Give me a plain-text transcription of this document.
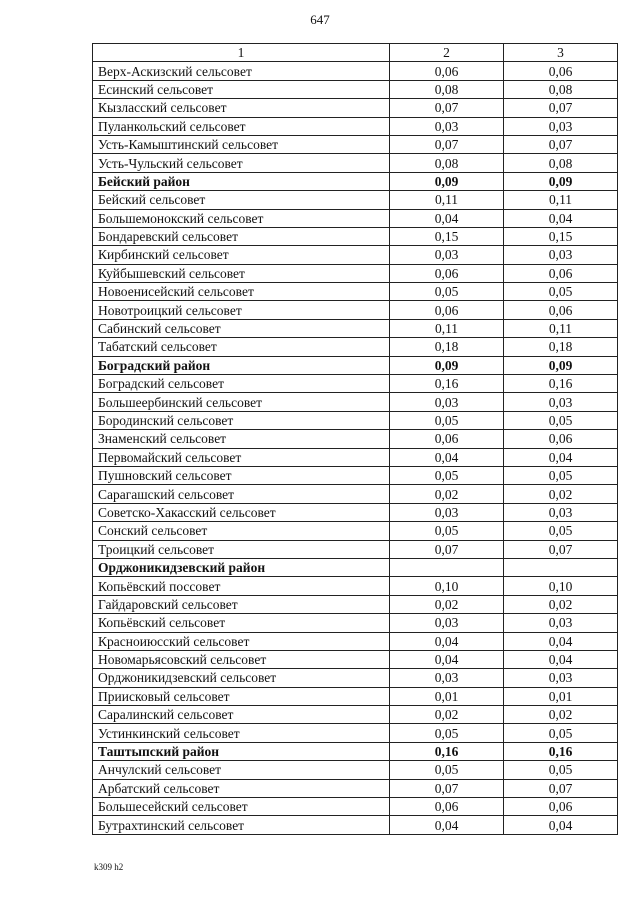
647
1	2	3
Верх-Аскизский сельсовет	0,06	0,06
Есинский сельсовет	0,08	0,08
Кызласский сельсовет	0,07	0,07
Пуланкольский сельсовет	0,03	0,03
Усть-Камыштинский сельсовет	0,07	0,07
Усть-Чульский сельсовет	0,08	0,08
Бейский район	0,09	0,09
Бейский сельсовет	0,11	0,11
Большемонокский сельсовет	0,04	0,04
Бондаревский сельсовет	0,15	0,15
Кирбинский сельсовет	0,03	0,03
Куйбышевский сельсовет	0,06	0,06
Новоенисейский сельсовет	0,05	0,05
Новотроицкий сельсовет	0,06	0,06
Сабинский сельсовет	0,11	0,11
Табатский сельсовет	0,18	0,18
Боградский район	0,09	0,09
Боградский сельсовет	0,16	0,16
Большеербинский сельсовет	0,03	0,03
Бородинский сельсовет	0,05	0,05
Знаменский сельсовет	0,06	0,06
Первомайский сельсовет	0,04	0,04
Пушновский сельсовет	0,05	0,05
Сарагашский сельсовет	0,02	0,02
Советско-Хакасский сельсовет	0,03	0,03
Сонский сельсовет	0,05	0,05
Троицкий сельсовет	0,07	0,07
Орджоникидзевский район		
Копьёвский поссовет	0,10	0,10
Гайдаровский сельсовет	0,02	0,02
Копьёвский сельсовет	0,03	0,03
Красноиюсский сельсовет	0,04	0,04
Новомарьясовский сельсовет	0,04	0,04
Орджоникидзевский сельсовет	0,03	0,03
Приисковый сельсовет	0,01	0,01
Саралинский сельсовет	0,02	0,02
Устинкинский сельсовет	0,05	0,05
Таштыпский район	0,16	0,16
Анчулский сельсовет	0,05	0,05
Арбатский сельсовет	0,07	0,07
Большесейский сельсовет	0,06	0,06
Бутрахтинский сельсовет	0,04	0,04
k309 h2
